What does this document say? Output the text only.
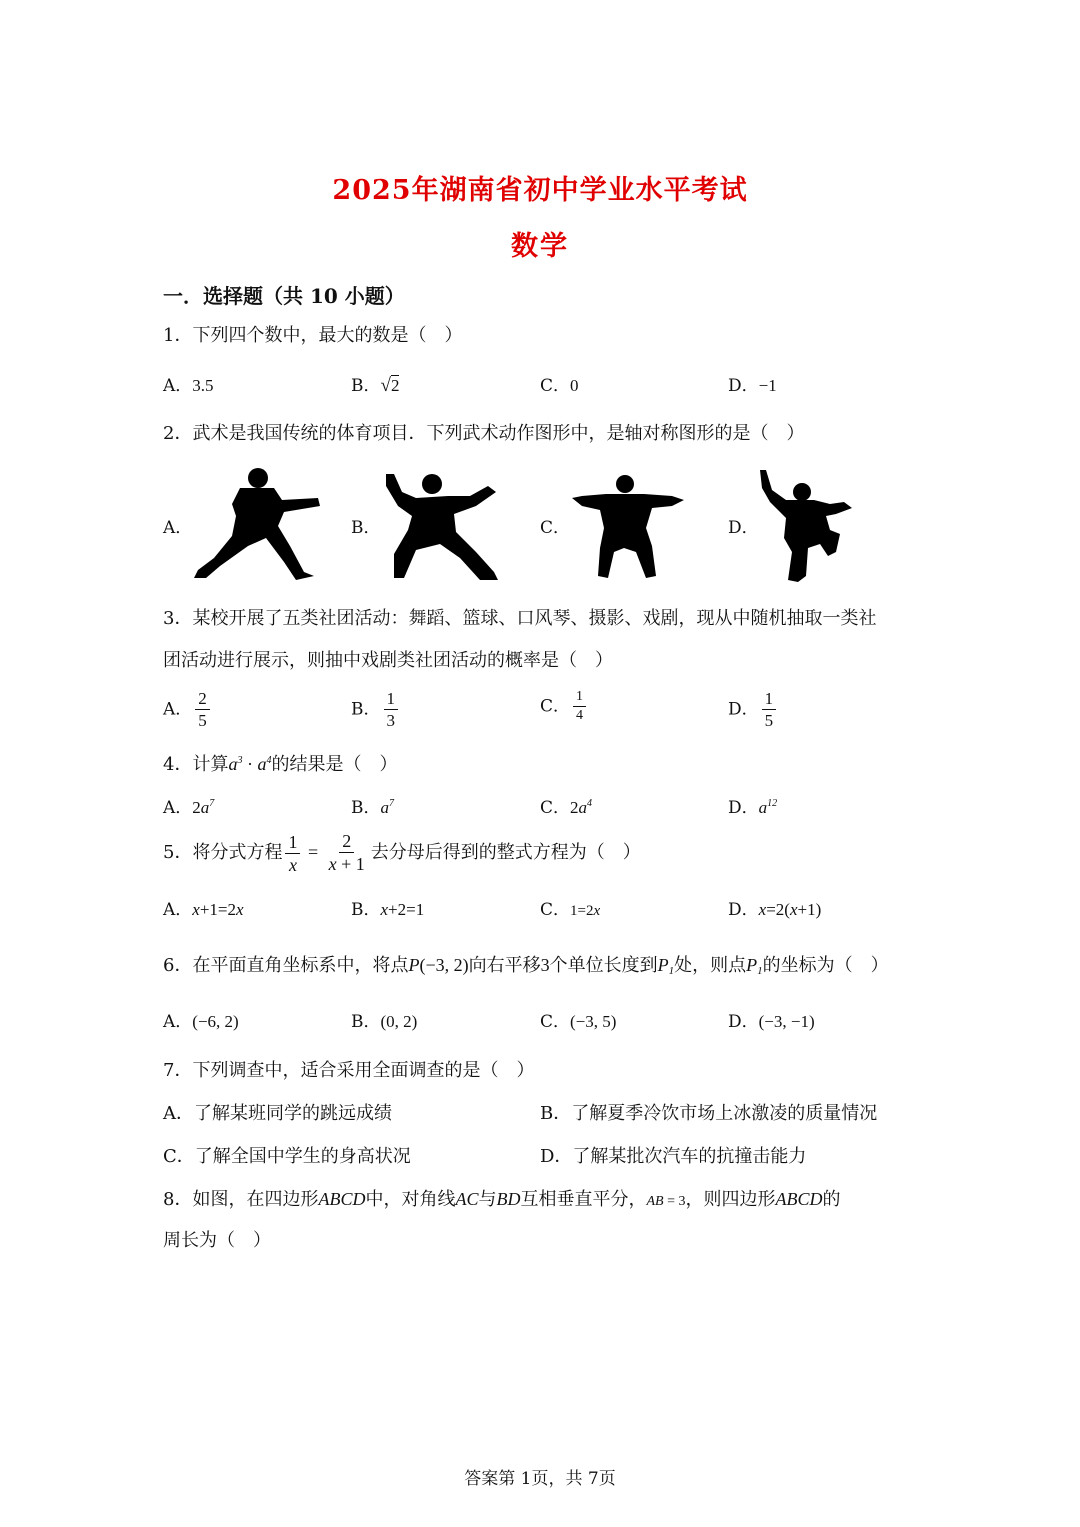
2025年湖南省初中学业水平考试
数学
一．选择题（共 10 小题）
1．下列四个数中，最大的数是（　）
A．3.5	B．√2	C．0	D．−1
2．武术是我国传统的体育项目．下列武术动作图形中，是轴对称图形的是（　）
A．	B．	C．	D．
3．某校开展了五类社团活动：舞蹈、篮球、口风琴、摄影、戏剧，现从中随机抽取一类社
团活动进行展示，则抽中戏剧类社团活动的概率是（　）
A． $\frac{2}{5}$	B． $\frac{1}{3}$	C． $\frac{1}{4}$	D． $\frac{1}{5}$
4．计算$a^3 \cdot a^4$的结果是（　）
A．$2a^7$	B．$a^7$	C．$2a^4$	D．$a^{12}$
5．将分式方程 $\frac{1}{x} = \frac{2}{x + 1}$ 去分母后得到的整式方程为（　）
A．x+1=2x	B．x+2=1	C．1=2x	D．x=2(x+1)
6．在平面直角坐标系中，将点P(−3, 2)向右平移3个单位长度到$P_1$处，则点$P_1$的坐标为（　）
A．(−6, 2)	B．(0, 2)	C．(−3, 5)	D．(−3, −1)
7．下列调查中，适合采用全面调查的是（　）
A．了解某班同学的跳远成绩	B．了解夏季冷饮市场上冰激凌的质量情况
C．了解全国中学生的身高状况	D．了解某批次汽车的抗撞击能力
8．如图，在四边形ABCD中，对角线AC与BD互相垂直平分，AB = 3，则四边形ABCD的
周长为（　）
答案第 1页，共 7页
